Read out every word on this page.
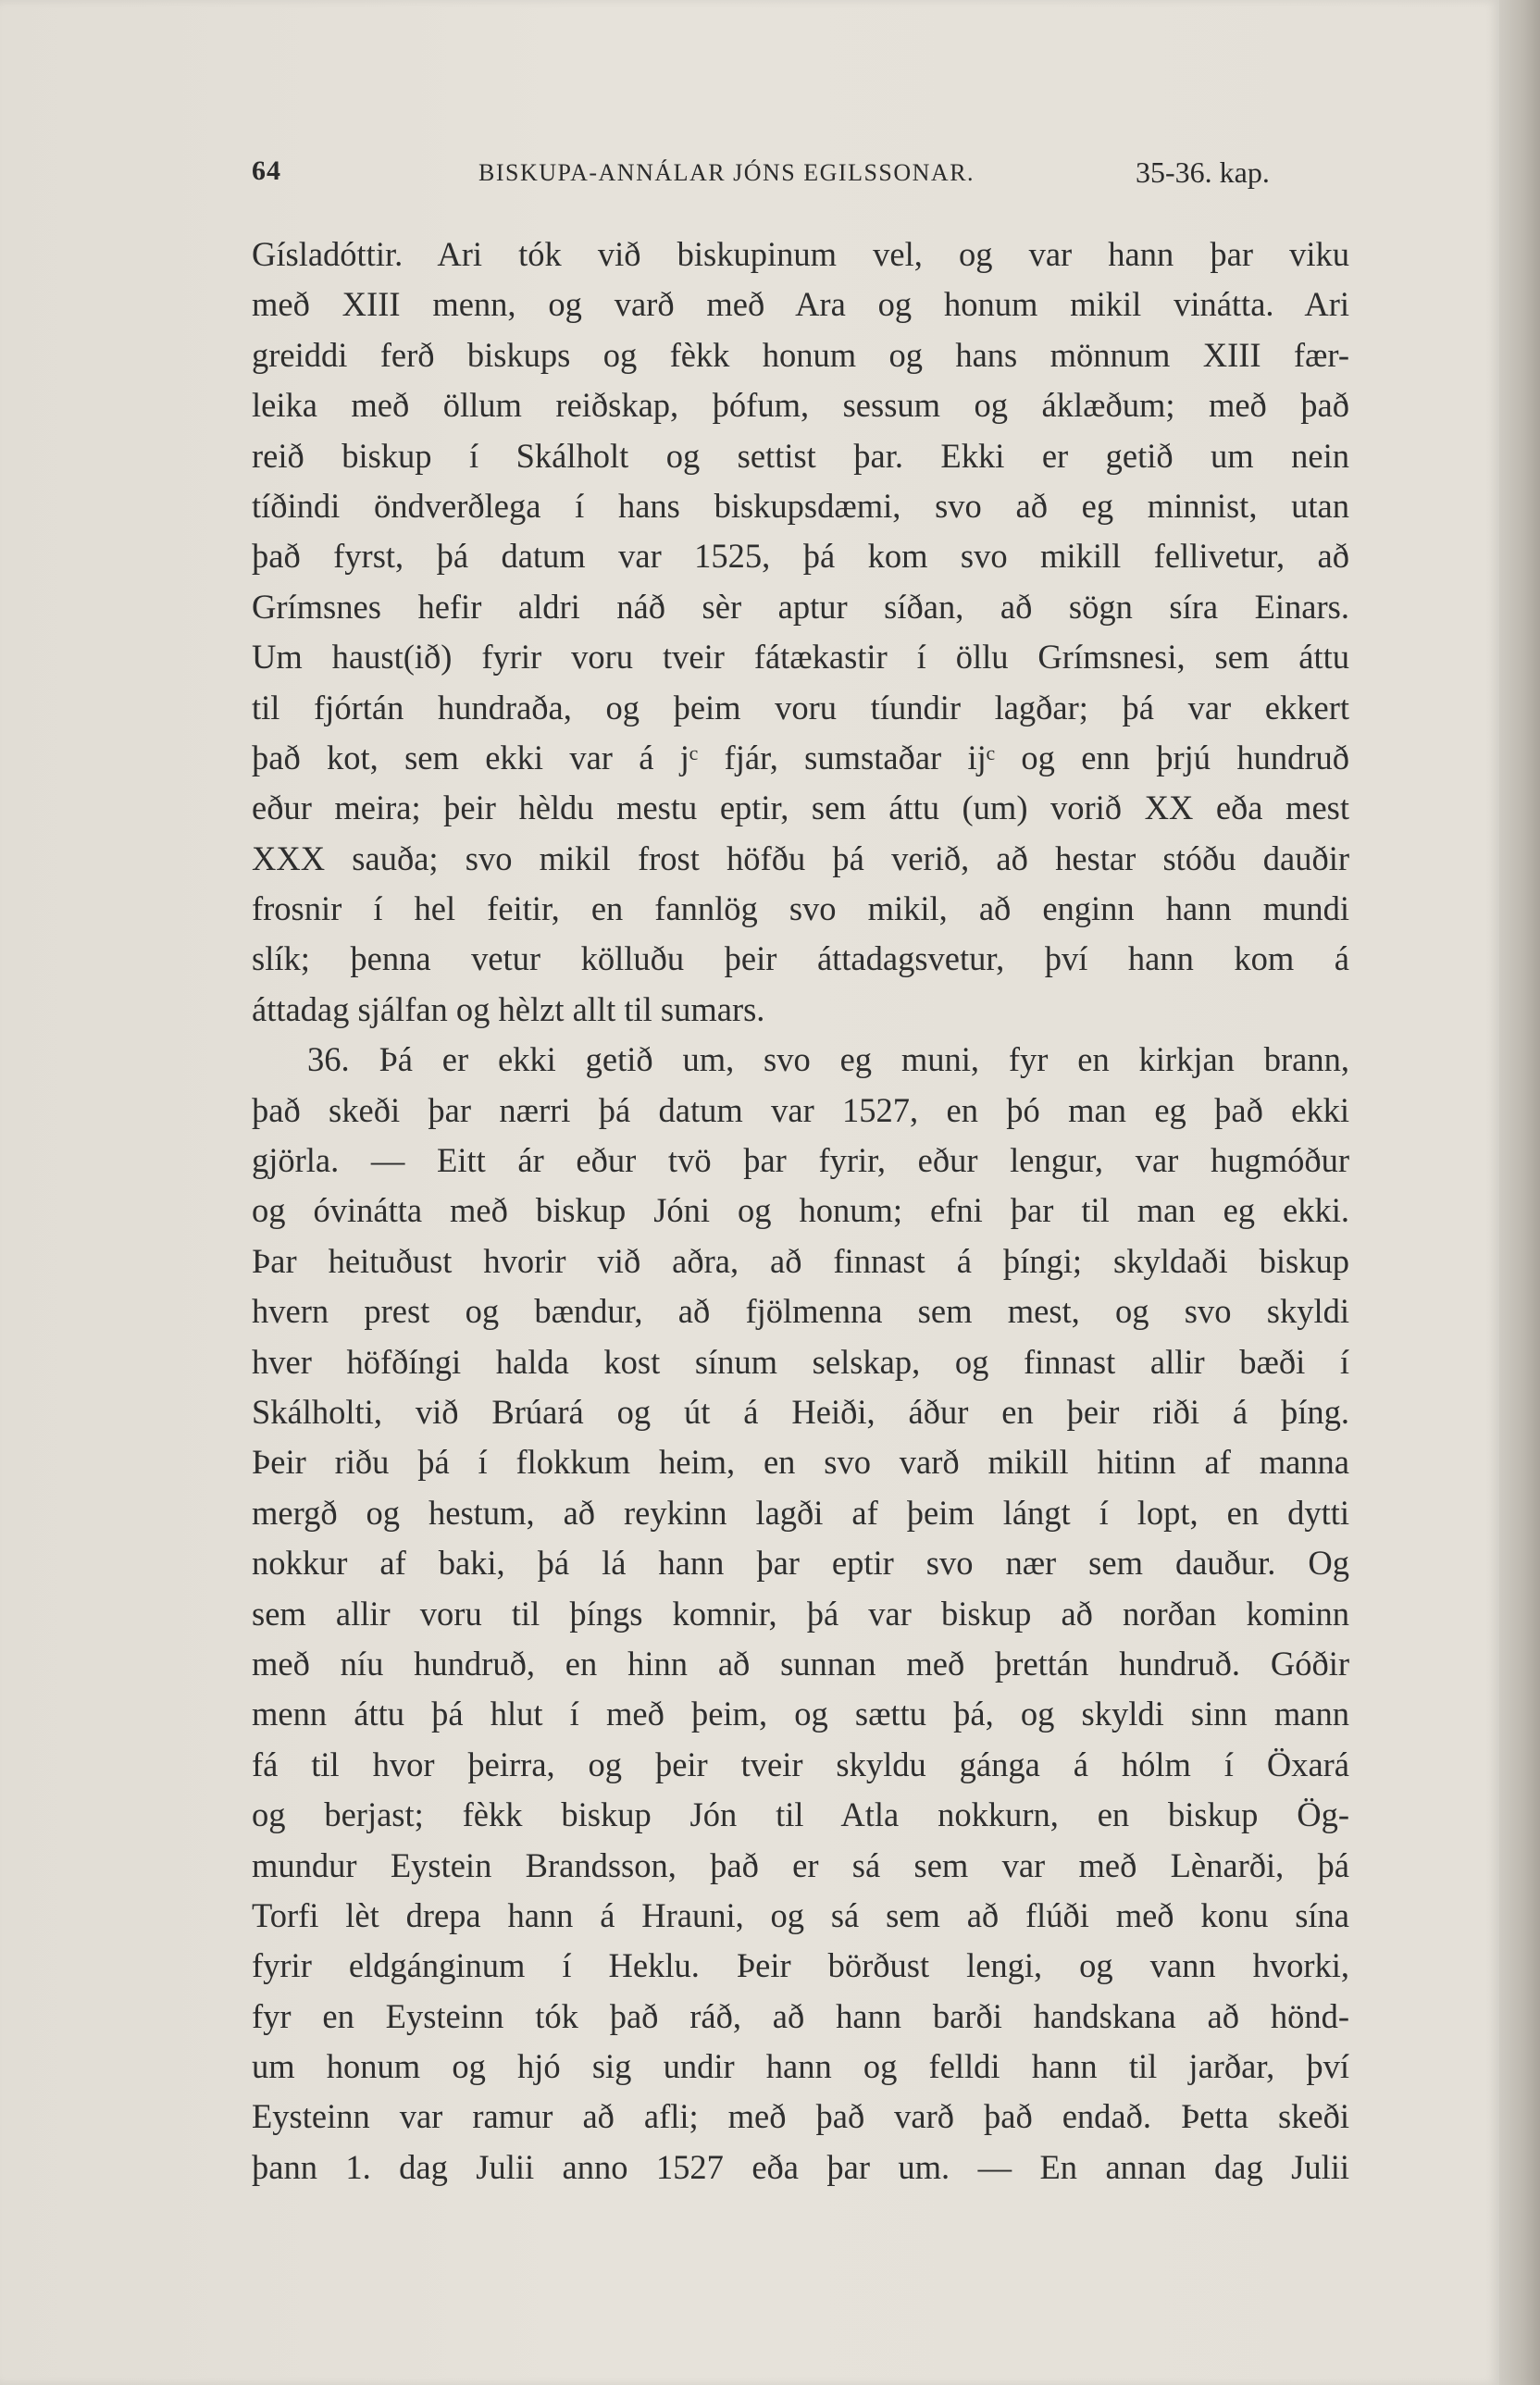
64	BISKUPA-ANNÁLAR JÓNS EGILSSONAR.	35-36. kap.
Gísladóttir. Ari tók við biskupinum vel, og var hann þar viku
með XIII menn, og varð með Ara og honum mikil vinátta. Ari
greiddi ferð biskups og fèkk honum og hans mönnum XIII fær-
leika með öllum reiðskap, þófum, sessum og áklæðum; með það
reið biskup í Skálholt og settist þar. Ekki er getið um nein
tíðindi öndverðlega í hans biskupsdæmi, svo að eg minnist, utan
það fyrst, þá datum var 1525, þá kom svo mikill fellivetur, að
Grímsnes hefir aldri náð sèr aptur síðan, að sögn síra Einars.
Um haust(ið) fyrir voru tveir fátækastir í öllu Grímsnesi, sem áttu
til fjórtán hundraða, og þeim voru tíundir lagðar; þá var ekkert
það kot, sem ekki var á jᶜ fjár, sumstaðar ijᶜ og enn þrjú hundruð
eður meira; þeir hèldu mestu eptir, sem áttu (um) vorið XX eða mest
XXX sauða; svo mikil frost höfðu þá verið, að hestar stóðu dauðir
frosnir í hel feitir, en fannlög svo mikil, að enginn hann mundi
slík; þenna vetur kölluðu þeir áttadagsvetur, því hann kom á
áttadag sjálfan og hèlzt allt til sumars.
36. Þá er ekki getið um, svo eg muni, fyr en kirkjan brann,
það skeði þar nærri þá datum var 1527, en þó man eg það ekki
gjörla. — Eitt ár eður tvö þar fyrir, eður lengur, var hugmóður
og óvinátta með biskup Jóni og honum; efni þar til man eg ekki.
Þar heituðust hvorir við aðra, að finnast á þíngi; skyldaði biskup
hvern prest og bændur, að fjölmenna sem mest, og svo skyldi
hver höfðíngi halda kost sínum selskap, og finnast allir bæði í
Skálholti, við Brúará og út á Heiði, áður en þeir riði á þíng.
Þeir riðu þá í flokkum heim, en svo varð mikill hitinn af manna
mergð og hestum, að reykinn lagði af þeim lángt í lopt, en dytti
nokkur af baki, þá lá hann þar eptir svo nær sem dauður. Og
sem allir voru til þíngs komnir, þá var biskup að norðan kominn
með níu hundruð, en hinn að sunnan með þrettán hundruð. Góðir
menn áttu þá hlut í með þeim, og sættu þá, og skyldi sinn mann
fá til hvor þeirra, og þeir tveir skyldu gánga á hólm í Öxará
og berjast; fèkk biskup Jón til Atla nokkurn, en biskup Ög-
mundur Eystein Brandsson, það er sá sem var með Lènarði, þá
Torfi lèt drepa hann á Hrauni, og sá sem að flúði með konu sína
fyrir eldgánginum í Heklu. Þeir börðust lengi, og vann hvorki,
fyr en Eysteinn tók það ráð, að hann barði handskana að hönd-
um honum og hjó sig undir hann og felldi hann til jarðar, því
Eysteinn var ramur að afli; með það varð það endað. Þetta skeði
þann 1. dag Julii anno 1527 eða þar um. — En annan dag Julii
